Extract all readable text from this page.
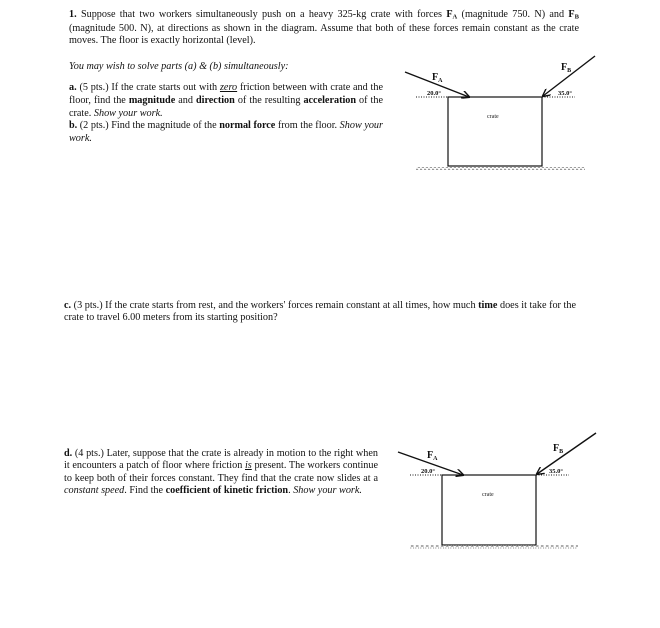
1. Suppose that two workers simultaneously push on a heavy 325-kg crate with forces $F_A$ (magnitude 750. N) and $F_B$ (magnitude 500. N), at directions as shown in the diagram. Assume that both of these forces remain constant as the crate moves. The floor is exactly horizontal (level).
You may wish to solve parts (a) & (b) simultaneously:
a. (5 pts.) If the crate starts out with zero friction between with crate and the floor, find the magnitude and direction of the resulting acceleration of the crate. Show your work.
b. (2 pts.) Find the magnitude of the normal force from the floor. Show your work.
c. (3 pts.) If the crate starts from rest, and the workers' forces remain constant at all times, how much time does it take for the crate to travel 6.00 meters from its starting position?
d. (4 pts.) Later, suppose that the crate is already in motion to the right when it encounters a patch of floor where friction is present. The workers continue to keep both of their forces constant. They find that the crate now slides at a constant speed. Find the coefficient of kinetic friction. Show your work.
crate
$F_A$
$F_B$
20.0°	35.0°
crate
$F_A$
$F_B$
20.0°	35.0°
